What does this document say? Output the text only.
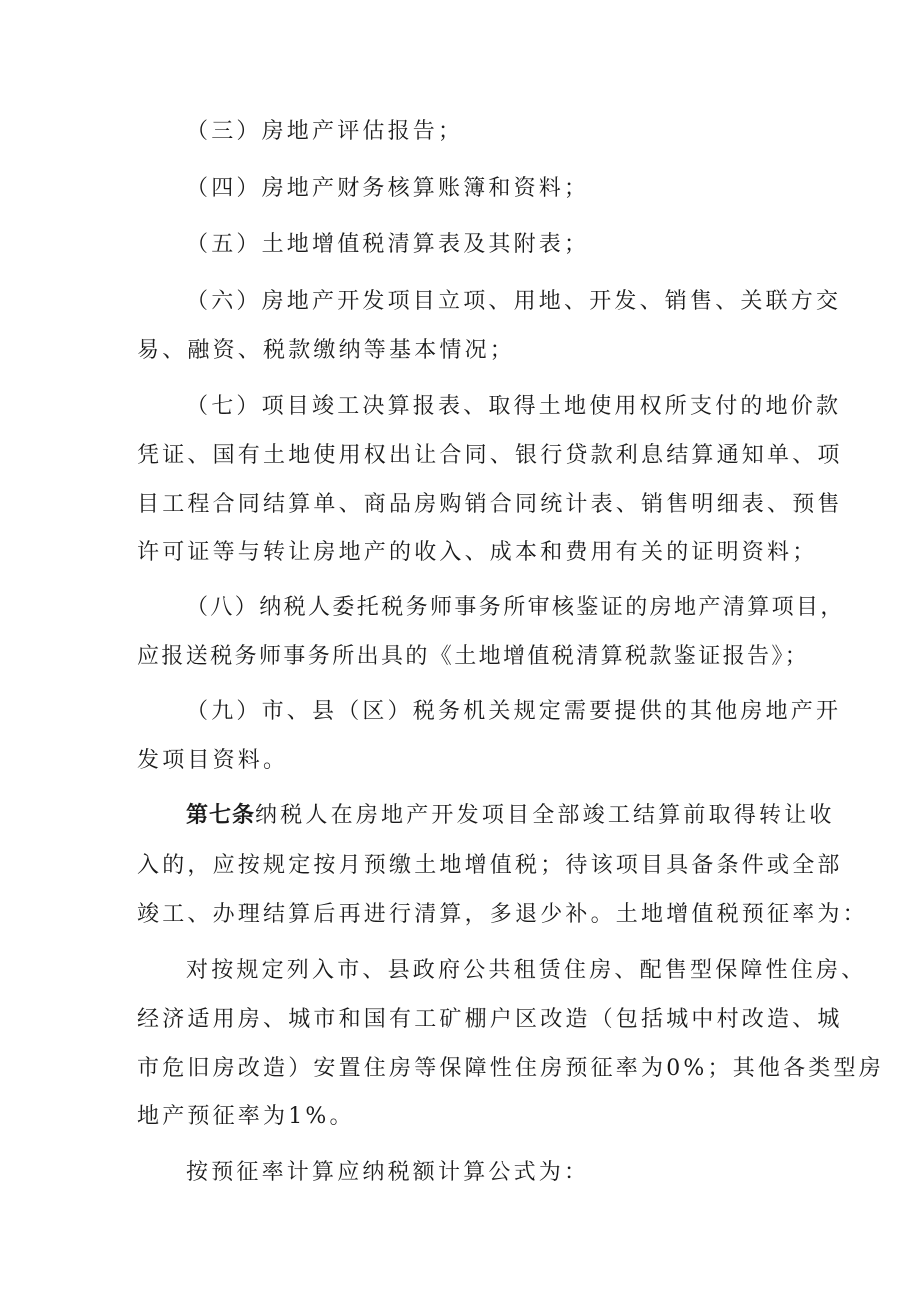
（三）房地产评估报告；
（四）房地产财务核算账簿和资料；
（五）土地增值税清算表及其附表；
（六）房地产开发项目立项、用地、开发、销售、关联方交
易、融资、税款缴纳等基本情况；
（七）项目竣工决算报表、取得土地使用权所支付的地价款
凭证、国有土地使用权出让合同、银行贷款利息结算通知单、项
目工程合同结算单、商品房购销合同统计表、销售明细表、预售
许可证等与转让房地产的收入、成本和费用有关的证明资料；
（八）纳税人委托税务师事务所审核鉴证的房地产清算项目，
应报送税务师事务所出具的《土地增值税清算税款鉴证报告》；
（九）市、县（区）税务机关规定需要提供的其他房地产开
发项目资料。
第七条纳税人在房地产开发项目全部竣工结算前取得转让收
入的，应按规定按月预缴土地增值税；待该项目具备条件或全部
竣工、办理结算后再进行清算，多退少补。土地增值税预征率为：
对按规定列入市、县政府公共租赁住房、配售型保障性住房、
经济适用房、城市和国有工矿棚户区改造（包括城中村改造、城
市危旧房改造）安置住房等保障性住房预征率为0%；其他各类型房
地产预征率为1%。
按预征率计算应纳税额计算公式为：
